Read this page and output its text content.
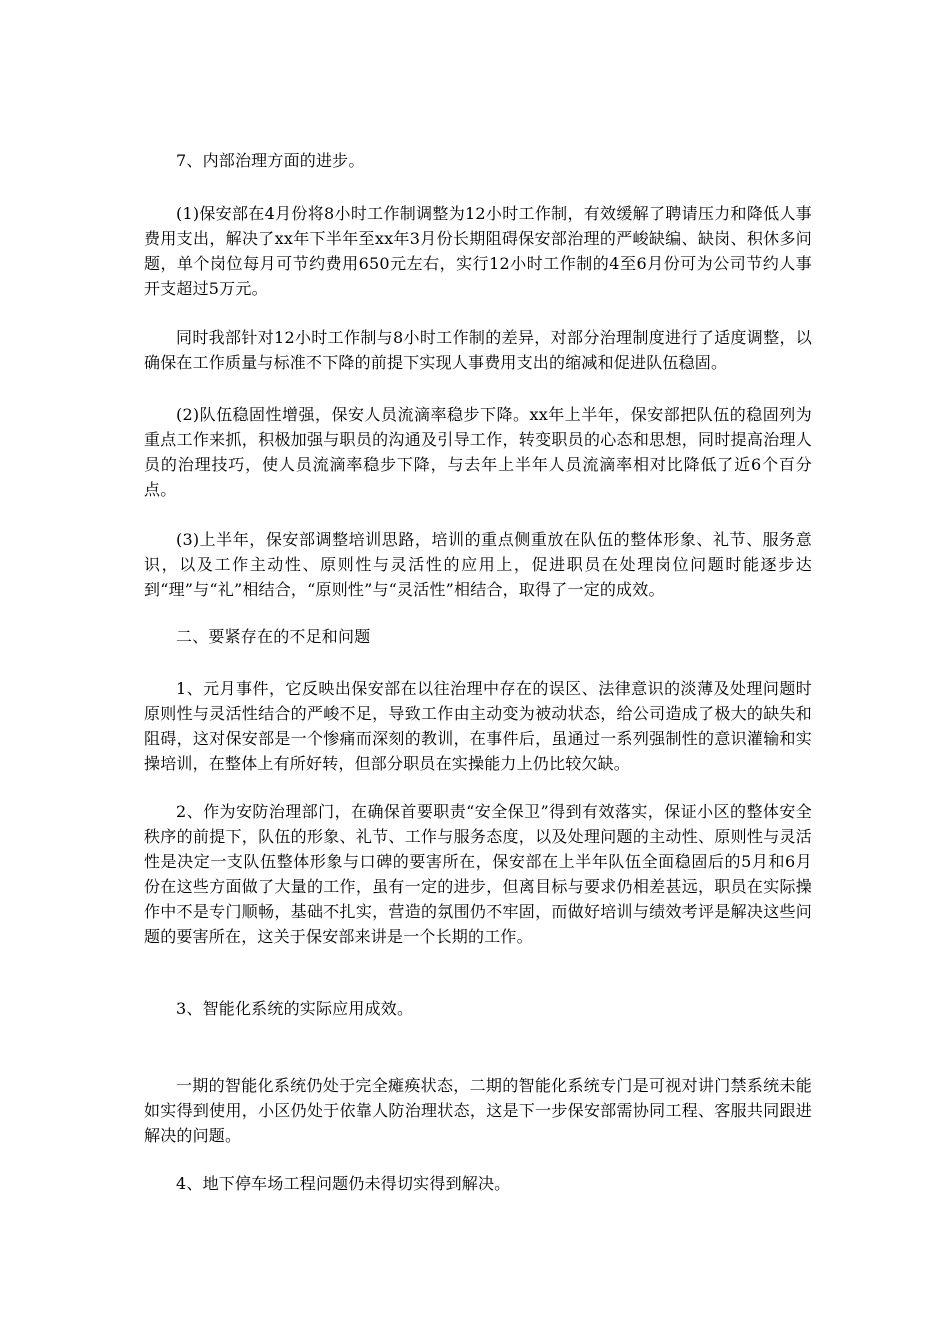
7、内部治理方面的进步。

(1)保安部在4月份将8小时工作制调整为12小时工作制，有效缓解了聘请压力和降低人事费用支出，解决了xx年下半年至xx年3月份长期阻碍保安部治理的严峻缺编、缺岗、积休多问题，单个岗位每月可节约费用650元左右，实行12小时工作制的4至6月份可为公司节约人事开支超过5万元。

同时我部针对12小时工作制与8小时工作制的差异，对部分治理制度进行了适度调整，以确保在工作质量与标准不下降的前提下实现人事费用支出的缩减和促进队伍稳固。

(2)队伍稳固性增强，保安人员流滴率稳步下降。xx年上半年，保安部把队伍的稳固列为重点工作来抓，积极加强与职员的沟通及引导工作，转变职员的心态和思想，同时提高治理人员的治理技巧，使人员流滴率稳步下降，与去年上半年人员流滴率相对比降低了近6个百分点。

(3)上半年，保安部调整培训思路，培训的重点侧重放在队伍的整体形象、礼节、服务意识，以及工作主动性、原则性与灵活性的应用上，促进职员在处理岗位问题时能逐步达到“理”与“礼”相结合，“原则性”与“灵活性”相结合，取得了一定的成效。

二、要紧存在的不足和问题

1、元月事件，它反映出保安部在以往治理中存在的误区、法律意识的淡薄及处理问题时原则性与灵活性结合的严峻不足，导致工作由主动变为被动状态，给公司造成了极大的缺失和阻碍，这对保安部是一个惨痛而深刻的教训，在事件后，虽通过一系列强制性的意识灌输和实操培训，在整体上有所好转，但部分职员在实操能力上仍比较欠缺。

2、作为安防治理部门，在确保首要职责“安全保卫”得到有效落实，保证小区的整体安全秩序的前提下，队伍的形象、礼节、工作与服务态度，以及处理问题的主动性、原则性与灵活性是决定一支队伍整体形象与口碑的要害所在，保安部在上半年队伍全面稳固后的5月和6月份在这些方面做了大量的工作，虽有一定的进步，但离目标与要求仍相差甚远，职员在实际操作中不是专门顺畅，基础不扎实，营造的氛围仍不牢固，而做好培训与绩效考评是解决这些问题的要害所在，这关于保安部来讲是一个长期的工作。

3、智能化系统的实际应用成效。

一期的智能化系统仍处于完全瘫痪状态，二期的智能化系统专门是可视对讲门禁系统未能如实得到使用，小区仍处于依靠人防治理状态，这是下一步保安部需协同工程、客服共同跟进解决的问题。

4、地下停车场工程问题仍未得切实得到解决。
